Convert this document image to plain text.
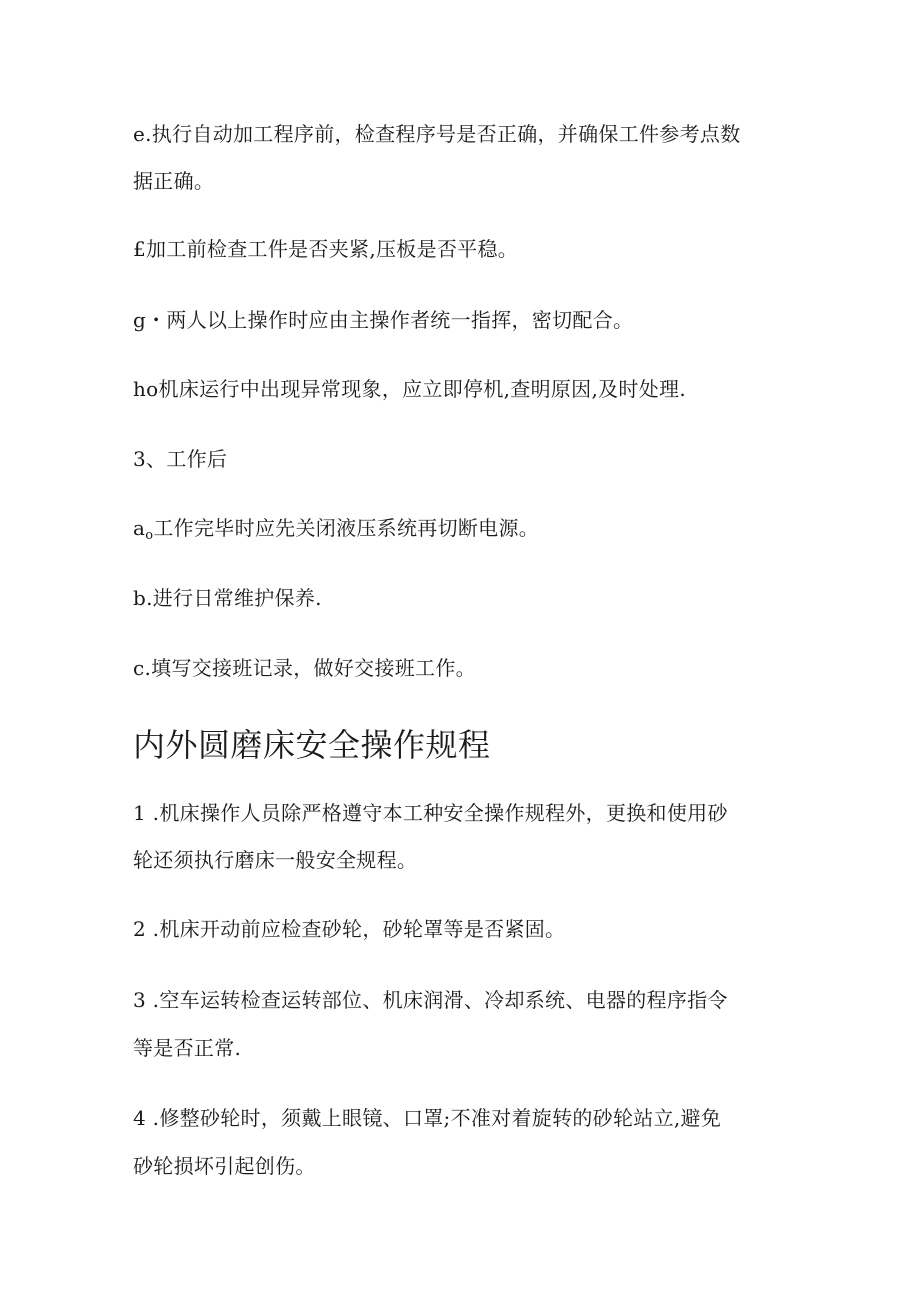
e.执行自动加工程序前，检查程序号是否正确，并确保工件参考点数
据正确。
£加工前检查工件是否夹紧,压板是否平稳。
g・两人以上操作时应由主操作者统一指挥，密切配合。
ho机床运行中出现异常现象，应立即停机,查明原因,及时处理.
3、工作后
$a_o$工作完毕时应先关闭液压系统再切断电源。
b.进行日常维护保养.
c.填写交接班记录，做好交接班工作。
内外圆磨床安全操作规程
1 .机床操作人员除严格遵守本工种安全操作规程外，更换和使用砂
轮还须执行磨床一般安全规程。
2 .机床开动前应检查砂轮，砂轮罩等是否紧固。
3 .空车运转检查运转部位、机床润滑、冷却系统、电器的程序指令
等是否正常.
4 .修整砂轮时，须戴上眼镜、口罩;不准对着旋转的砂轮站立,避免
砂轮损坏引起创伤。
